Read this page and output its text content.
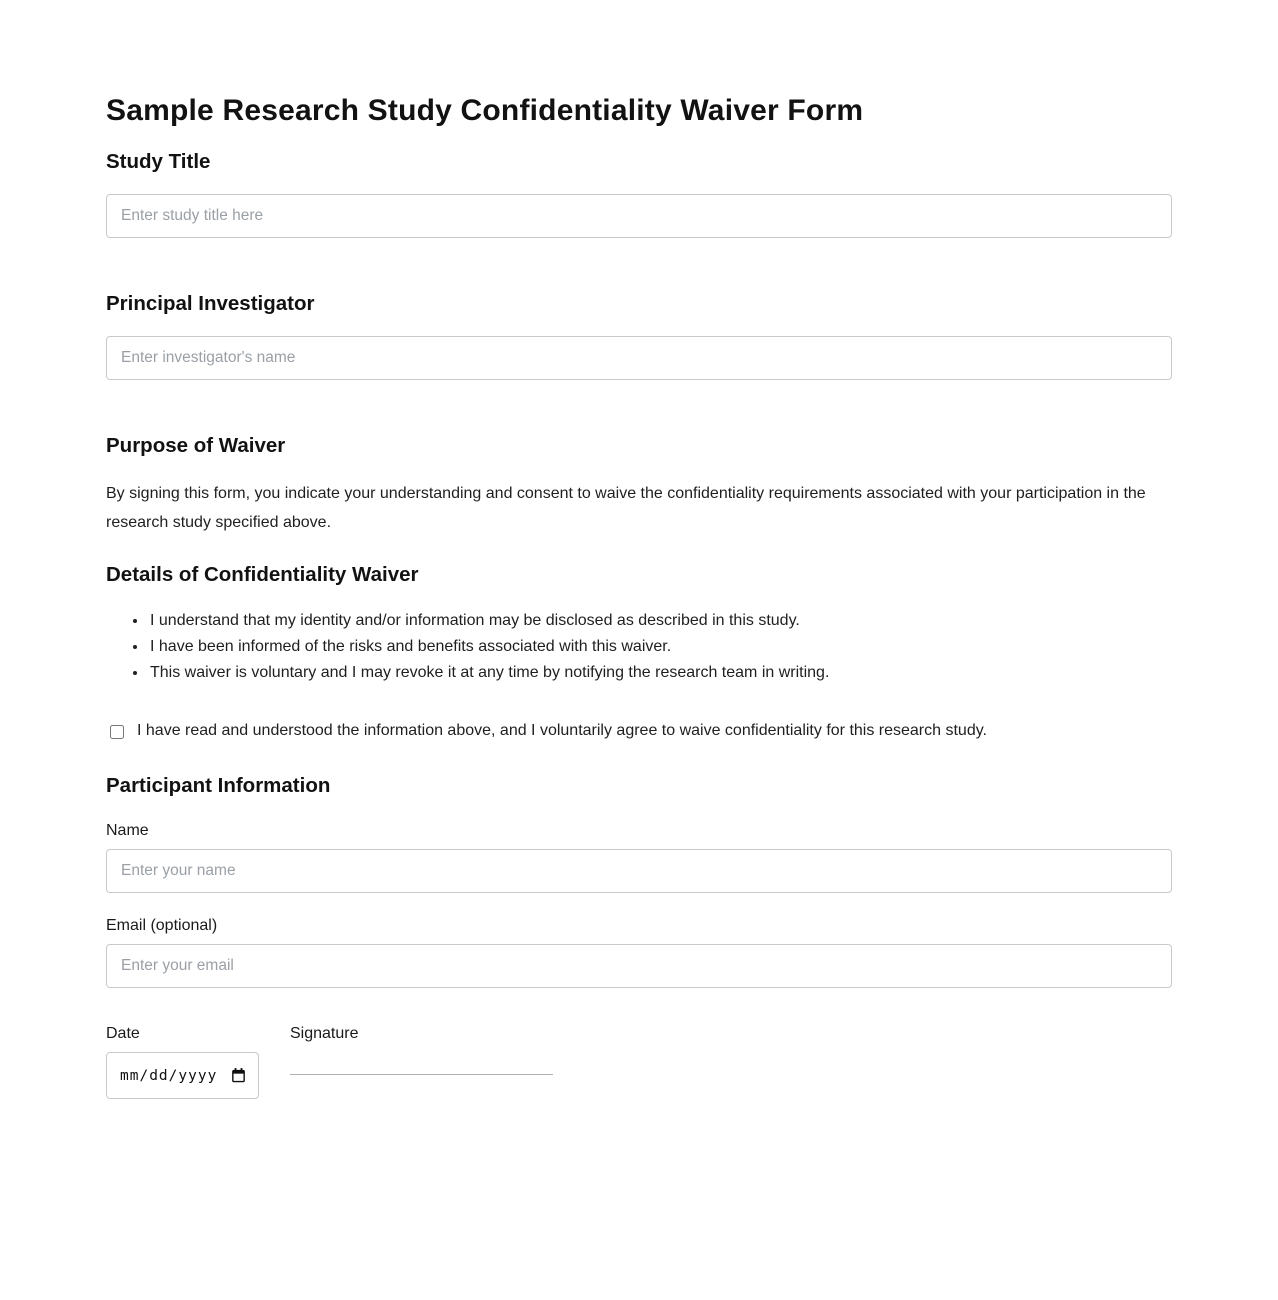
Sample Research Study Confidentiality Waiver Form
Study Title
Enter study title here
Principal Investigator
Enter investigator's name
Purpose of Waiver

By signing this form, you indicate your understanding and consent to waive the confidentiality requirements associated with your participation in the research study specified above.

Details of Confidentiality Waiver
• I understand that my identity and/or information may be disclosed as described in this study.
• I have been informed of the risks and benefits associated with this waiver.
• This waiver is voluntary and I may revoke it at any time by notifying the research team in writing.
I have read and understood the information above, and I voluntarily agree to waive confidentiality for this research study.
Participant Information
Name
Enter your name
Email (optional)
Enter your email
Date
mm/dd/yyyy
Signature
